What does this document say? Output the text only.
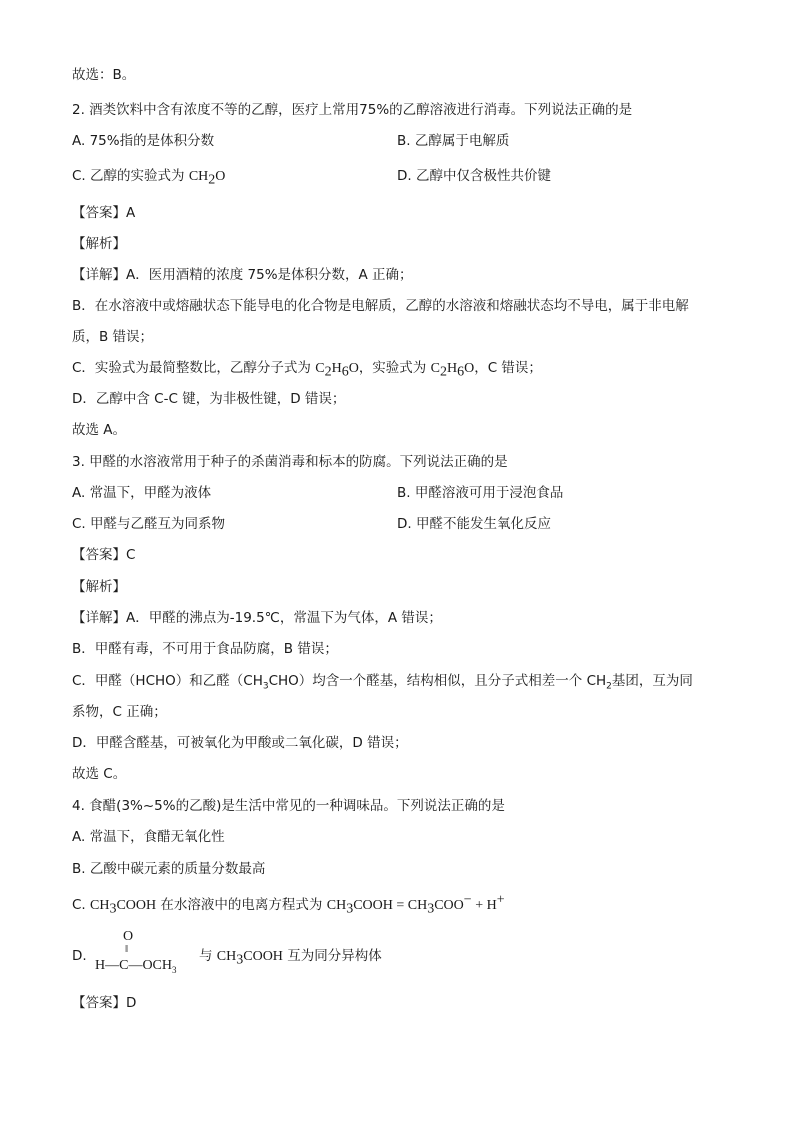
故选：B。
2. 酒类饮料中含有浓度不等的乙醇，医疗上常用75%的乙醇溶液进行消毒。下列说法正确的是
A. 75%指的是体积分数	B. 乙醇属于电解质
C. 乙醇的实验式为 $CH_2O$	D. 乙醇中仅含极性共价键
【答案】A
【解析】
【详解】A．医用酒精的浓度 75%是体积分数，A 正确；
B．在水溶液中或熔融状态下能导电的化合物是电解质，乙醇的水溶液和熔融状态均不导电，属于非电解
质，B 错误；
C．实验式为最简整数比，乙醇分子式为 $C_2H_6O$，实验式为 $C_2H_6O$，C 错误；
D．乙醇中含 C-C 键，为非极性键，D 错误；
故选 A。
3. 甲醛的水溶液常用于种子的杀菌消毒和标本的防腐。下列说法正确的是
A. 常温下，甲醛为液体	B. 甲醛溶液可用于浸泡食品
C. 甲醛与乙醛互为同系物	D. 甲醛不能发生氧化反应
【答案】C
【解析】
【详解】A．甲醛的沸点为-19.5℃，常温下为气体，A 错误；
B．甲醛有毒，不可用于食品防腐，B 错误；
C．甲醛（HCHO）和乙醛$(CH_3CHO)$均含一个醛基，结构相似，且分子式相差一个 $CH_2$基团，互为同
系物，C 正确；
D．甲醛含醛基，可被氧化为甲酸或二氧化碳，D 错误；
故选 C。
4. 食醋(3%~5%的乙酸)是生活中常见的一种调味品。下列说法正确的是
A. 常温下，食醋无氧化性
B. 乙酸中碳元素的质量分数最高
C. $CH_3COOH$ 在水溶液中的电离方程式为 $CH_3COOH = CH_3COO^- + H^+$
D.
O
‖
$H—C—OCH_3$
与 $CH_3COOH$ 互为同分异构体
【答案】D
